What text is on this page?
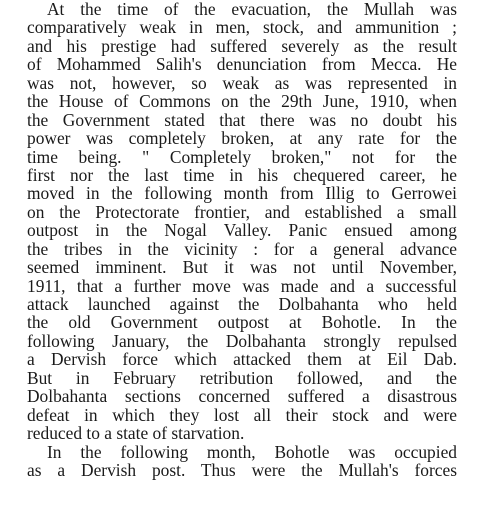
At the time of the evacuation, the Mullah was
comparatively weak in men, stock, and ammunition ;
and his prestige had suffered severely as the result
of Mohammed Salih's denunciation from Mecca. He
was not, however, so weak as was represented in
the House of Commons on the 29th June, 1910, when
the Government stated that there was no doubt his
power was completely broken, at any rate for the
time being. " Completely broken," not for the
first nor the last time in his chequered career, he
moved in the following month from Illig to Gerrowei
on the Protectorate frontier, and established a small
outpost in the Nogal Valley. Panic ensued among
the tribes in the vicinity : for a general advance
seemed imminent. But it was not until November,
1911, that a further move was made and a successful
attack launched against the Dolbahanta who held
the old Government outpost at Bohotle. In the
following January, the Dolbahanta strongly repulsed
a Dervish force which attacked them at Eil Dab.
But in February retribution followed, and the
Dolbahanta sections concerned suffered a disastrous
defeat in which they lost all their stock and were
reduced to a state of starvation.
In the following month, Bohotle was occupied
as a Dervish post. Thus were the Mullah's forces
